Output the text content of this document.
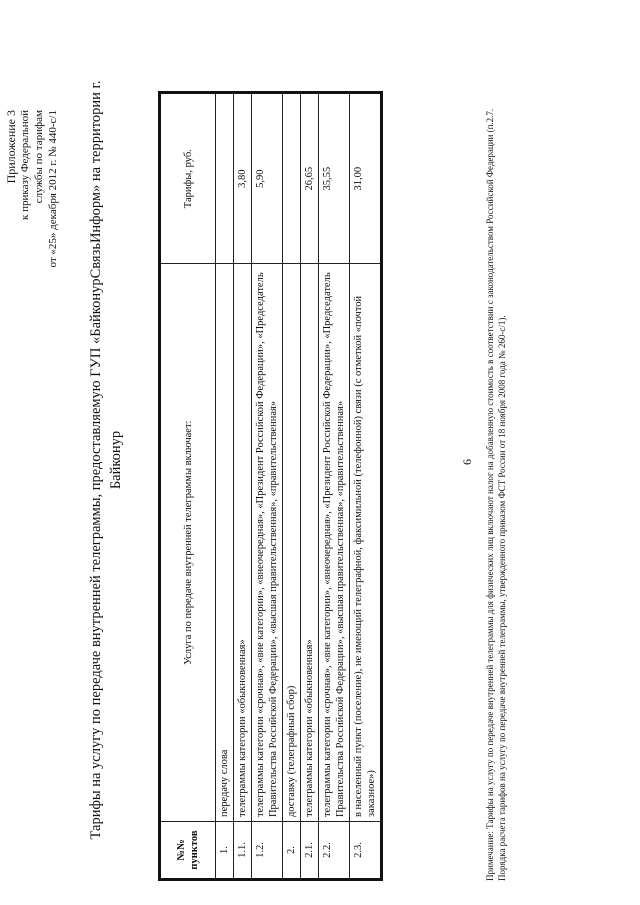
Приложение 3 к приказу Федеральной службы по тарифам от «25» декабря 2012 г. № 440-с/1 Тарифы на услугу по передаче внутренней телеграммы, предоставляемую ГУП «БайконурСвязьИнформ» на территории г. Байконур
№№ пунктов	Услуга по передаче внутренней телеграммы включает:	Тарифы, руб.
1.	передачу слова	
1.1.	телеграммы категории «обыкновенная»	3,80
1.2.	телеграммы категории «срочная», «вне категории», «внеочередная», «Президент Российской Федерации», «Председатель Правительства Российской Федерации», «высшая правительственная», «правительственная»	5,90
2.	доставку (телеграфный сбор)	
2.1.	телеграммы категории «обыкновенная»	26,65
2.2.	телеграммы категории «срочная», «вне категории», «внеочередная», «Президент Российской Федерации», «Председатель Правительства Российской Федерации», «высшая правительственная», «правительственная»	35,55
2.3.	в населенный пункт (поселение), не имеющий телеграфной, факсимильной (телефонной) связи (с отметкой «почтой заказное»)	31,00
6 Примечание: Тарифы на услугу по передаче внутренней телеграммы для физических лиц включают налог на добавленную стоимость в соответствии с законодательством Российской Федерации (п.2.7. Порядка расчета тарифов на услугу по передаче внутренней телеграммы, утвержденного приказом ФСТ России от 18 ноября 2008 года № 260-с/1).
